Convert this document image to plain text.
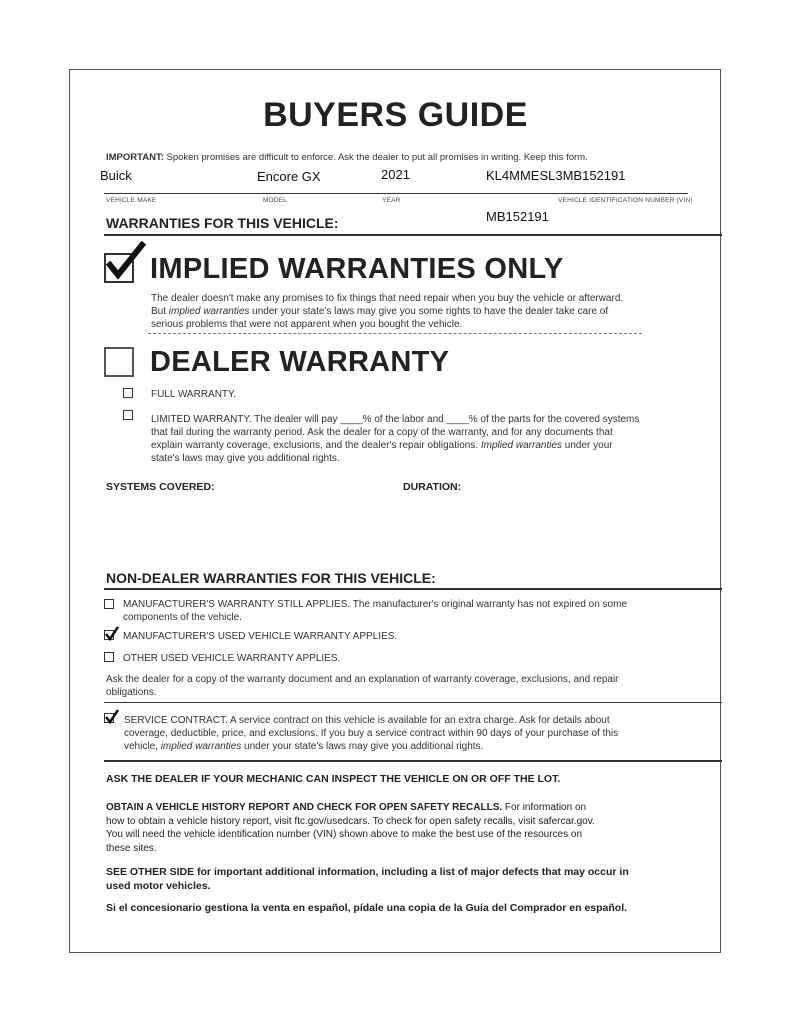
BUYERS GUIDE
IMPORTANT: Spoken promises are difficult to enforce. Ask the dealer to put all promises in writing. Keep this form.
Buick	Encore GX	2021	KL4MMESL3MB152191
VEHICLE MAKE	MODEL	YEAR	VEHICLE IDENTIFICATION NUMBER (VIN)
MB152191
WARRANTIES FOR THIS VEHICLE:
IMPLIED WARRANTIES ONLY
The dealer doesn't make any promises to fix things that need repair when you buy the vehicle or afterward.
But implied warranties under your state's laws may give you some rights to have the dealer take care of
serious problems that were not apparent when you bought the vehicle.
DEALER WARRANTY
FULL WARRANTY.
LIMITED WARRANTY. The dealer will pay ____% of the labor and ____% of the parts for the covered systems
that fail during the warranty period. Ask the dealer for a copy of the warranty, and for any documents that
explain warranty coverage, exclusions, and the dealer's repair obligations. Implied warranties under your
state's laws may give you additional rights.
SYSTEMS COVERED:	DURATION:
NON-DEALER WARRANTIES FOR THIS VEHICLE:
MANUFACTURER'S WARRANTY STILL APPLIES. The manufacturer's original warranty has not expired on some
components of the vehicle.
MANUFACTURER'S USED VEHICLE WARRANTY APPLIES.
OTHER USED VEHICLE WARRANTY APPLIES.
Ask the dealer for a copy of the warranty document and an explanation of warranty coverage, exclusions, and repair
obligations.
SERVICE CONTRACT. A service contract on this vehicle is available for an extra charge. Ask for details about
coverage, deductible, price, and exclusions. If you buy a service contract within 90 days of your purchase of this
vehicle, implied warranties under your state's laws may give you additional rights.
ASK THE DEALER IF YOUR MECHANIC CAN INSPECT THE VEHICLE ON OR OFF THE LOT.
OBTAIN A VEHICLE HISTORY REPORT AND CHECK FOR OPEN SAFETY RECALLS. For information on
how to obtain a vehicle history report, visit ftc.gov/usedcars. To check for open safety recalls, visit safercar.gov.
You will need the vehicle identification number (VIN) shown above to make the best use of the resources on
these sites.
SEE OTHER SIDE for important additional information, including a list of major defects that may occur in
used motor vehicles.
Si el concesionario gestiona la venta en español, pídale una copia de la Guía del Comprador en español.
